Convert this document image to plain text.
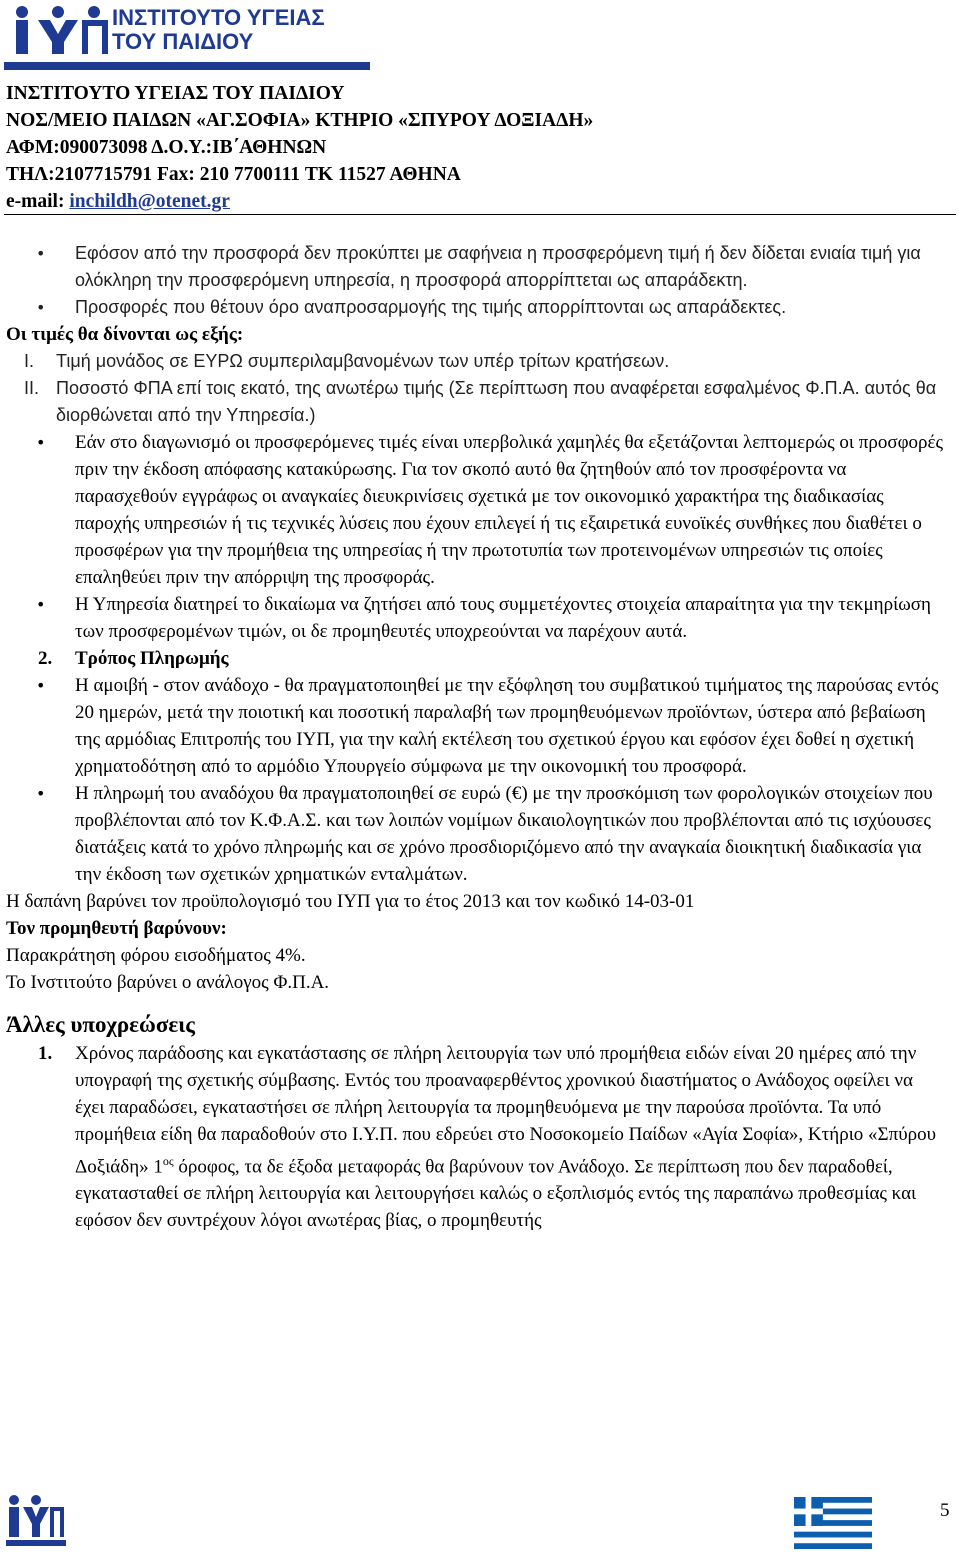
ΙΝΣΤΙΤΟΥΤΟ ΥΓΕΙΑΣ
ΤΟΥ ΠΑΙΔΙΟΥ
ΙΝΣΤΙΤΟΥΤΟ ΥΓΕΙΑΣ ΤΟΥ ΠΑΙΔΙΟΥ
ΝΟΣ/ΜΕΙΟ ΠΑΙΔΩΝ «ΑΓ.ΣΟΦΙΑ» ΚΤΗΡΙΟ «ΣΠΥΡΟΥ ΔΟΞΙΑΔΗ»
ΑΦΜ:090073098 Δ.Ο.Υ.:ΙΒ΄ΑΘΗΝΩΝ
ΤΗΛ:2107715791 Fax: 210 7700111 ΤΚ 11527 ΑΘΗΝΑ
e-mail: inchildh@otenet.gr
• Εφόσον από την προσφορά δεν προκύπτει με σαφήνεια η προσφερόμενη τιμή ή δεν δίδεται ενιαία τιμή για ολόκληρη την προσφερόμενη υπηρεσία, η προσφορά απορρίπτεται ως απαράδεκτη.
• Προσφορές που θέτουν όρο αναπροσαρμογής της τιμής απορρίπτονται ως απαράδεκτες.
Οι τιμές θα δίνονται ως εξής:
Ι. Τιμή μονάδος σε ΕΥΡΩ συμπεριλαμβανομένων των υπέρ τρίτων κρατήσεων.
ΙΙ. Ποσοστό ΦΠΑ επί τοις εκατό, της ανωτέρω τιμής (Σε περίπτωση που αναφέρεται εσφαλμένος Φ.Π.Α. αυτός θα διορθώνεται από την Υπηρεσία.)
• Εάν στο διαγωνισμό οι προσφερόμενες τιμές είναι υπερβολικά χαμηλές θα εξετάζονται λεπτομερώς οι προσφορές πριν την έκδοση απόφασης κατακύρωσης. Για τον σκοπό αυτό θα ζητηθούν από τον προσφέροντα να παρασχεθούν εγγράφως οι αναγκαίες διευκρινίσεις σχετικά με τον οικονομικό χαρακτήρα της διαδικασίας παροχής υπηρεσιών ή τις τεχνικές λύσεις που έχουν επιλεγεί ή τις εξαιρετικά ευνοϊκές συνθήκες που διαθέτει ο προσφέρων για την προμήθεια της υπηρεσίας ή την πρωτοτυπία των προτεινομένων υπηρεσιών τις οποίες επαληθεύει πριν την απόρριψη της προσφοράς.
• Η Υπηρεσία διατηρεί το δικαίωμα να ζητήσει από τους συμμετέχοντες στοιχεία απαραίτητα για την τεκμηρίωση των προσφερομένων τιμών, οι δε προμηθευτές υποχρεούνται να παρέχουν αυτά.
2. Τρόπος Πληρωμής
• Η αμοιβή - στον ανάδοχο - θα πραγματοποιηθεί με την εξόφληση του συμβατικού τιμήματος της παρούσας εντός 20 ημερών, μετά την ποιοτική και ποσοτική παραλαβή των προμηθευόμενων προϊόντων, ύστερα από βεβαίωση της αρμόδιας Επιτροπής του ΙΥΠ, για την καλή εκτέλεση του σχετικού έργου και εφόσον έχει δοθεί η σχετική χρηματοδότηση από το αρμόδιο Υπουργείο σύμφωνα με την οικονομική του προσφορά.
• Η πληρωμή του αναδόχου θα πραγματοποιηθεί σε ευρώ (€) με την προσκόμιση των φορολογικών στοιχείων που προβλέπονται από τον Κ.Φ.Α.Σ. και των λοιπών νομίμων δικαιολογητικών που προβλέπονται από τις ισχύουσες διατάξεις κατά το χρόνο πληρωμής και σε χρόνο προσδιοριζόμενο από την αναγκαία διοικητική διαδικασία για την έκδοση των σχετικών χρηματικών ενταλμάτων.
Η δαπάνη βαρύνει τον προϋπολογισμό του ΙΥΠ για το έτος 2013 και τον κωδικό 14-03-01
Τον προμηθευτή βαρύνουν:
Παρακράτηση φόρου εισοδήματος 4%.
Το Ινστιτούτο βαρύνει ο ανάλογος Φ.Π.Α.
Άλλες υποχρεώσεις
1. Χρόνος παράδοσης και εγκατάστασης σε πλήρη λειτουργία των υπό προμήθεια ειδών είναι 20 ημέρες από την υπογραφή της σχετικής σύμβασης. Εντός του προαναφερθέντος χρονικού διαστήματος ο Ανάδοχος οφείλει να έχει παραδώσει, εγκαταστήσει σε πλήρη λειτουργία τα προμηθευόμενα με την παρούσα προϊόντα. Τα υπό προμήθεια είδη θα παραδοθούν στο Ι.Υ.Π. που εδρεύει στο Νοσοκομείο Παίδων «Αγία Σοφία», Κτήριο «Σπύρου Δοξιάδη» $1^{o\varsigma}$ όροφος, τα δε έξοδα μεταφοράς θα βαρύνουν τον Ανάδοχο. Σε περίπτωση που δεν παραδοθεί, εγκατασταθεί σε πλήρη λειτουργία και λειτουργήσει καλώς ο εξοπλισμός εντός της παραπάνω προθεσμίας και εφόσον δεν συντρέχουν λόγοι ανωτέρας βίας, ο προμηθευτής
5
